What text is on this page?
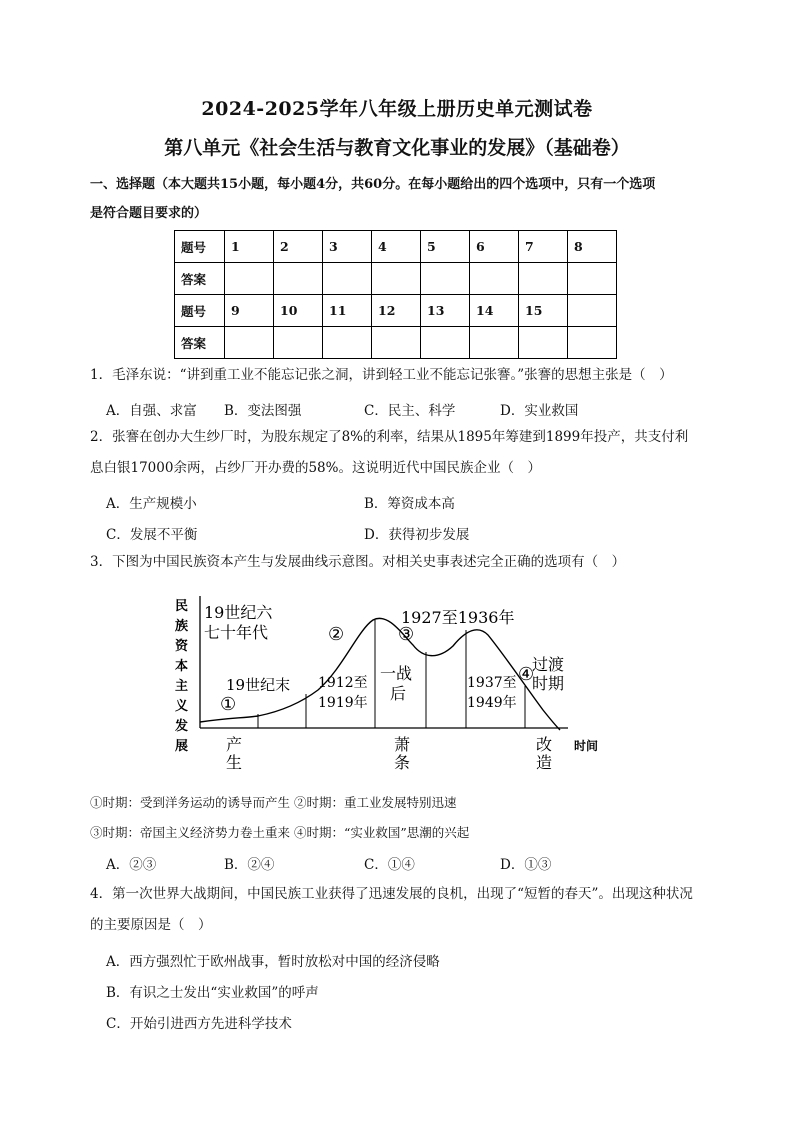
2024-2025学年八年级上册历史单元测试卷
第八单元《社会生活与教育文化事业的发展》（基础卷）
一、选择题（本大题共15小题，每小题4分，共60分。在每小题给出的四个选项中，只有一个选项
是符合题目要求的）
题号	1	2	3	4	5	6	7	8
答案								
题号	9	10	11	12	13	14	15	
答案								
1．毛泽东说：“讲到重工业不能忘记张之洞，讲到轻工业不能忘记张謇。”张謇的思想主张是（　）
A．自强、求富 B．变法图强	C．民主、科学	D．实业救国
2．张謇在创办大生纱厂时，为股东规定了8%的利率，结果从1895年筹建到1899年投产，共支付利
息白银17000余两，占纱厂开办费的58%。这说明近代中国民族企业（　）
A．生产规模小	B．筹资成本高
C．发展不平衡	D．获得初步发展
3．下图为中国民族资本产生与发展曲线示意图。对相关史事表述完全正确的选项有（　）
民
族
资
本
主
义
发
展	时间
19世纪六
七十年代
19世纪末 1912至
1919年
一战
后
1927至1936年
1937至
1949年
过渡
时期
①
②	③
④
产
生
萧
条
改
造
①时期：受到洋务运动的诱导而产生 ②时期：重工业发展特别迅速
③时期：帝国主义经济势力卷土重来 ④时期：“实业救国”思潮的兴起
A．②③	B．②④	C．①④	D．①③
4．第一次世界大战期间，中国民族工业获得了迅速发展的良机，出现了“短暂的春天”。出现这种状况
的主要原因是（　）
A．西方强烈忙于欧州战事，暂时放松对中国的经济侵略
B．有识之士发出“实业救国”的呼声
C．开始引进西方先进科学技术
